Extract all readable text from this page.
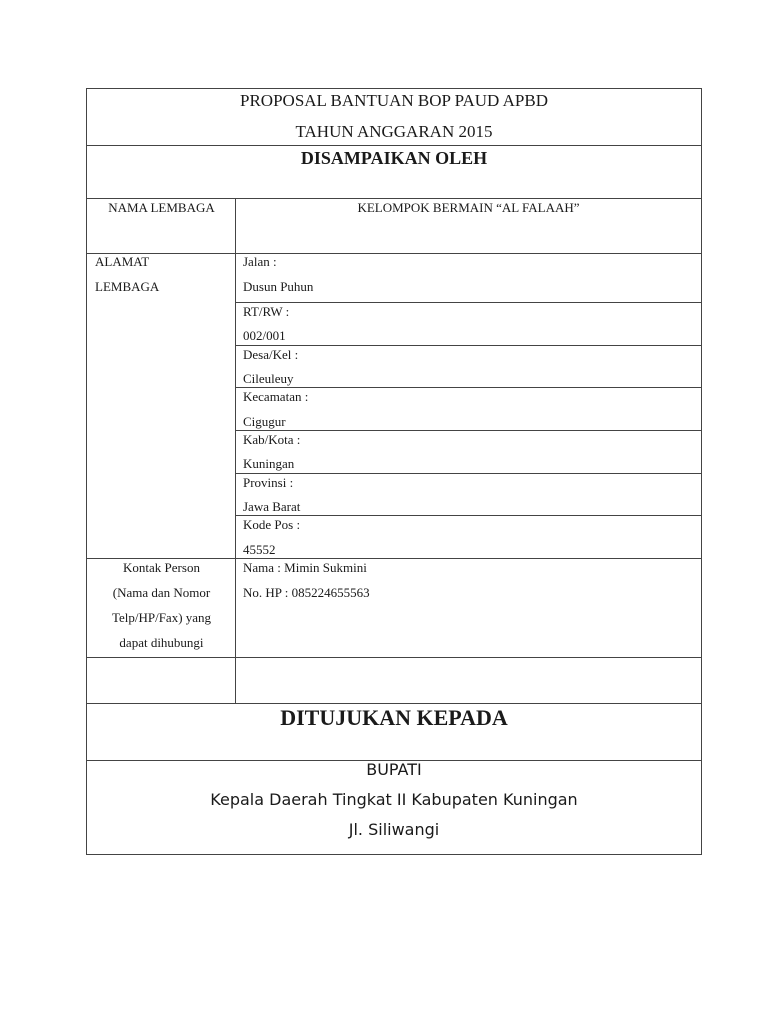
PROPOSAL BANTUAN BOP PAUD APBD
TAHUN ANGGARAN 2015
DISAMPAIKAN OLEH
NAMA LEMBAGA	KELOMPOK BERMAIN “AL FALAAH”
ALAMAT
LEMBAGA
Jalan :
Dusun Puhun
RT/RW :
002/001
Desa/Kel :
Cileuleuy
Kecamatan :
Cigugur
Kab/Kota :
Kuningan
Provinsi :
Jawa Barat
Kode Pos :
45552
Kontak Person
(Nama dan Nomor
Telp/HP/Fax) yang
dapat dihubungi
Nama : Mimin Sukmini
No. HP : 085224655563
DITUJUKAN KEPADA
BUPATI
Kepala Daerah Tingkat II Kabupaten Kuningan
Jl. Siliwangi
